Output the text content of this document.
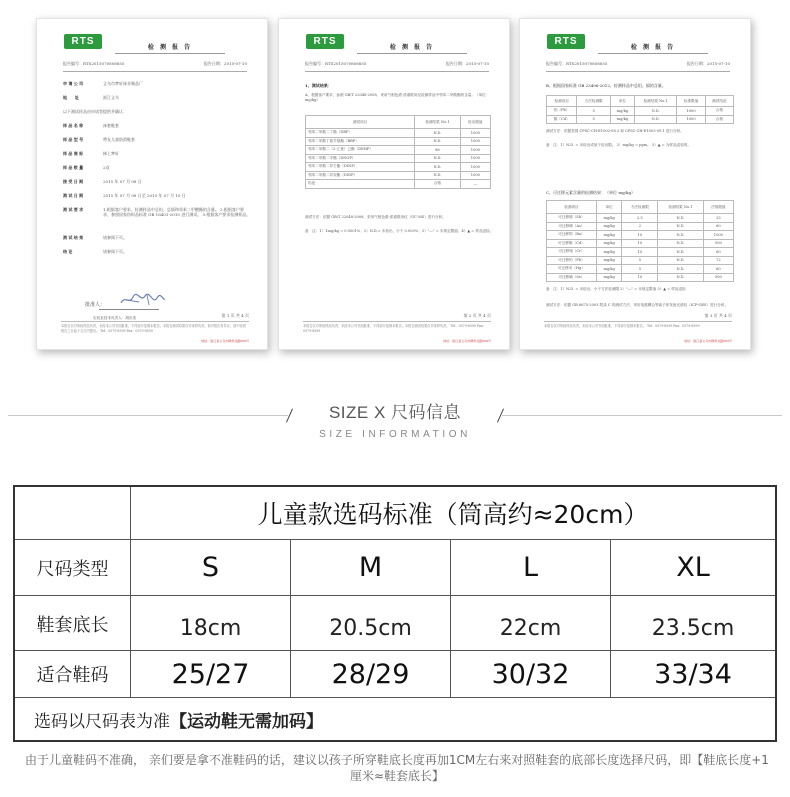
RTS
检 测 报 告
报告编号：RTS2015070808855	报告日期：2015-07-10
申 请 公 司	义乌市梦轩袜业制品厂
地　　址	浙江义乌
以下测试样品由申请者提供并确认：
样 品 名 称	袜套鞋套
样 品 型 号	赞友儿童防滑鞋套
样 品 商 标	梯上梦轩
样 品 数 量	2双
接 受 日 期	2015 年 07 月 08 日
测 试 日 期	2015 年 07 月 08 日至 2015 年 07 月 10 日
测 试 要 求	1.根据客户要求，检测样品中总铅，总镉和邻苯二甲酸酯的含量。 2.根据客户要求，参照国家纺织品标准 GB 18401-2010 进行测试。 3.根据客户要求检测样品。
测 试 结 果	请参阅下页。
结 论	请参阅下页。
批准人：
实验室技术负责人：胡庆美	第 1 页 共 4 页
本报告仅对所检样品负责，未经本公司书面批准，不得部分复制本报告。本报告测试结果仅对来样负责。如对报告有异议，请于收到报告之日起十五日内提出。 Tel：0579-8599 Fax：0579-8599
地址：浙江省义乌市稠州北路689号
RTS
检 测 报 告
报告编号：RTS2015070808855	报告日期：2015-07-10
1、测试结果：
A、根据客户要求，参照 GB/T 22048-2008，采用气相色谱-质谱联用仪检测样品中邻苯二甲酸酯的含量。（单位：mg/kg）
测试项目	检测结果 No.1	检出限值
邻苯二甲酸二丁酯（DBP）	N.D.	1000
邻苯二甲酸丁基苄基酯（BBP）	N.D.	1000
邻苯二甲酸二（2-乙基）己酯（DEHP）	88	1000
邻苯二甲酸二辛酯（DNOP）	N.D.	1000
邻苯二甲酸二异壬酯（DINP）	N.D.	1000
邻苯二甲酸二异癸酯（DIDP）	N.D.	1000
结论	合格	—
测试方法：依据 GB/T 22048-2008，采用气相色谱-质谱联用仪（GC-MS）进行分析。
备　注：1）1mg/kg = 0.0001%；2）N.D.= 未检出，小于 0.005%；3）"—" = 未规定限值；4）▲ = 样品送检。
第 2 页 共 4 页
本报告仅对所检样品负责，未经本公司书面批准，不得部分复制本报告。本报告测试结果仅对来样负责。 Tel：0579-8599 Fax：0579-8599
地址：浙江省义乌市稠州北路689号
RTS
检 测 报 告
报告编号：RTS2015070808855	报告日期：2015-07-10
B、根据国家标准 GB 23496-2012，检测样品中总铅、镉的含量。
检测项目	方法检测限	单位	检测结果 No.1	标准限值	测试结论
铅（Pb）	5	mg/kg	N.D.	1000	合格
镉（Cd）	5	mg/kg	N.D.	1000	合格
测试方法：依据美国 CPSC-CH-E1002-08.3 和 CPSC-CH-E1003-09.1 进行分析。
备　注：1）N.D. = 未检出或低于检出限。 2）mg/kg = ppm。 3）▲ = 为样品送检的。
C、可迁移元素含量的检测结果：（单位 mg/kg）
检测项目	单位	方法检测限	检测结果 No.1	法规限值
可迁移锑（Sb）	mg/kg	2.5	N.D.	25
可迁移砷（As）	mg/kg	2	N.D.	60
可迁移钡（Ba）	mg/kg	10	N.D.	1000
可迁移镉（Cd）	mg/kg	10	N.D.	500
可迁移铬（Cr）	mg/kg	10	N.D.	60
可迁移铅（Pb）	mg/kg	5	N.D.	72
可迁移汞（Hg）	mg/kg	5	N.D.	60
可迁移硒（Se）	mg/kg	10	N.D.	500
备　注：1）N.D. = 未检出，小于方法检测限 2）"—" = 未规定限值 3）▲ = 样品送检
测试方法：依据 GB 6675-2003 附录 C 的测试方法，采用电感耦合等离子体发射光谱仪（ICP-OES）进行分析。
第 3 页 共 4 页
本报告仅对所检样品负责，未经本公司书面批准，不得部分复制本报告。 Tel：0579-8599 Fax：0579-8599
地址：浙江省义乌市稠州北路689号
SIZE X 尺码信息
SIZE INFORMATION
儿童款选码标准（筒高约≈20cm）
尺码类型	S	M	L	XL
鞋套底长	18cm	20.5cm	22cm	23.5cm
适合鞋码	25/27	28/29	30/32	33/34
选码以尺码表为准 【运动鞋无需加码】
由于儿童鞋码不准确， 亲们要是拿不准鞋码的话，建议以孩子所穿鞋底长度再加1CM左右来对照鞋套的底部长度选择尺码，即【鞋底长度+1厘米≈鞋套底长】
